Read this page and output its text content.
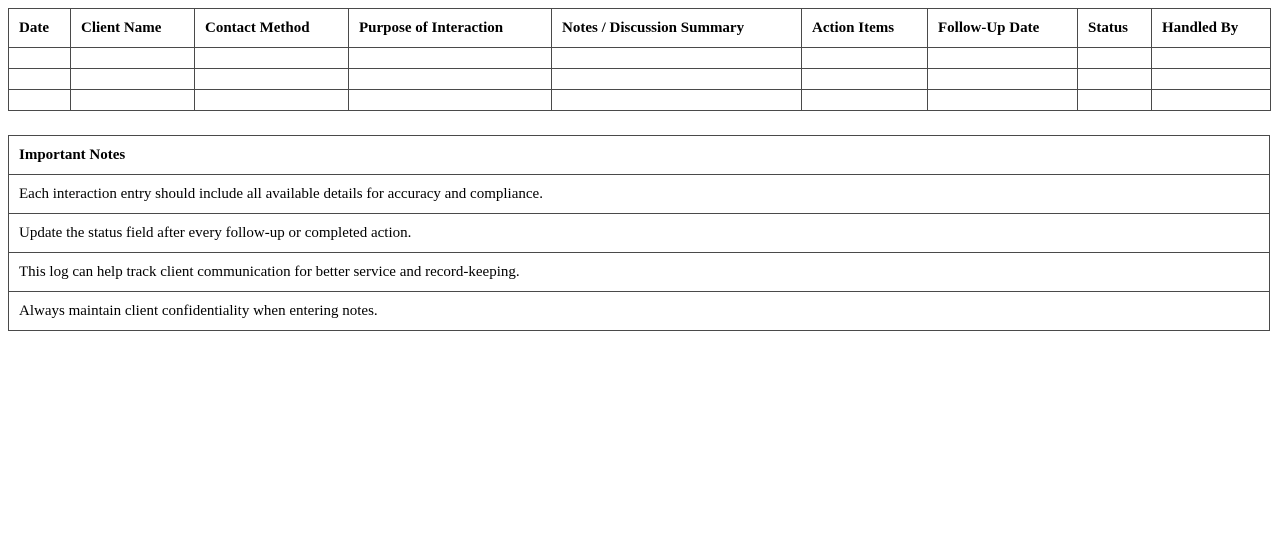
Date	Client Name	Contact Method	Purpose of Interaction	Notes / Discussion Summary	Action Items	Follow-Up Date	Status	Handled By

Important Notes
Each interaction entry should include all available details for accuracy and compliance.
Update the status field after every follow-up or completed action.
This log can help track client communication for better service and record-keeping.
Always maintain client confidentiality when entering notes.
